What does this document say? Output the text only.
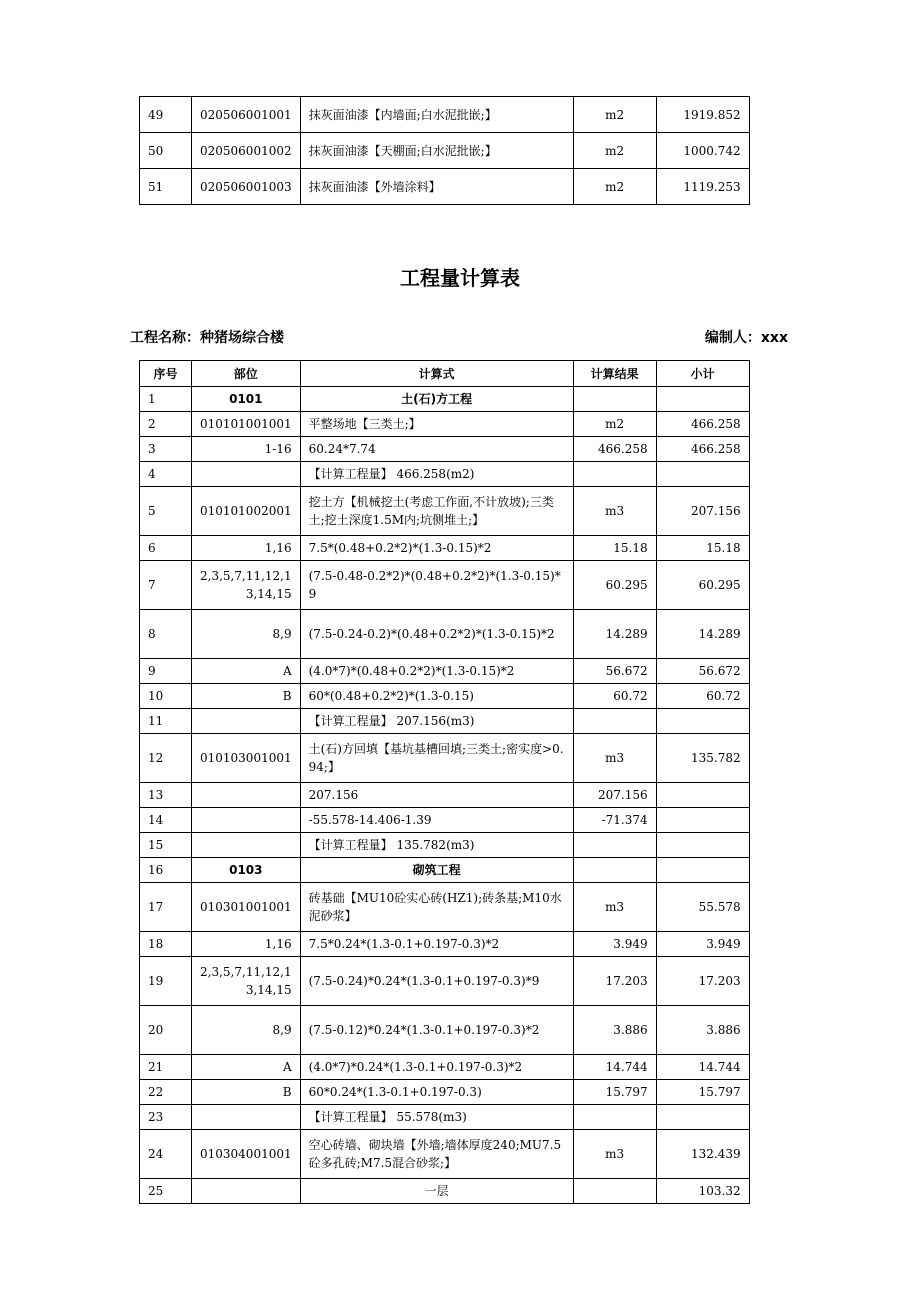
49	020506001001	抹灰面油漆【内墙面;白水泥批嵌;】	m2	1919.852
50	020506001002	抹灰面油漆【天棚面;白水泥批嵌;】	m2	1000.742
51	020506001003	抹灰面油漆【外墙涂料】	m2	1119.253
工程量计算表
工程名称：种猪场综合楼	编制人：xxx
序号	部位	计算式	计算结果	小计
1	0101	土(石)方工程		
2	010101001001	平整场地【三类土;】	m2	466.258
3	1-16	60.24*7.74	466.258	466.258
4		【计算工程量】 466.258(m2)		
5	010101002001	挖土方【机械挖土(考虑工作面,不计放坡);三类土;挖土深度1.5M内;坑侧堆土;】	m3	207.156
6	1,16	7.5*(0.48+0.2*2)*(1.3-0.15)*2	15.18	15.18
7	2,3,5,7,11,12,13,14,15	(7.5-0.48-0.2*2)*(0.48+0.2*2)*(1.3-0.15)*9	60.295	60.295
8	8,9	(7.5-0.24-0.2)*(0.48+0.2*2)*(1.3-0.15)*2	14.289	14.289
9	A	(4.0*7)*(0.48+0.2*2)*(1.3-0.15)*2	56.672	56.672
10	B	60*(0.48+0.2*2)*(1.3-0.15)	60.72	60.72
11		【计算工程量】 207.156(m3)		
12	010103001001	土(石)方回填【基坑基槽回填;三类土;密实度>0.94;】	m3	135.782
13		207.156	207.156	
14		-55.578-14.406-1.39	-71.374	
15		【计算工程量】 135.782(m3)		
16	0103	砌筑工程		
17	010301001001	砖基础【MU10砼实心砖(HZ1);砖条基;M10水泥砂浆】	m3	55.578
18	1,16	7.5*0.24*(1.3-0.1+0.197-0.3)*2	3.949	3.949
19	2,3,5,7,11,12,13,14,15	(7.5-0.24)*0.24*(1.3-0.1+0.197-0.3)*9	17.203	17.203
20	8,9	(7.5-0.12)*0.24*(1.3-0.1+0.197-0.3)*2	3.886	3.886
21	A	(4.0*7)*0.24*(1.3-0.1+0.197-0.3)*2	14.744	14.744
22	B	60*0.24*(1.3-0.1+0.197-0.3)	15.797	15.797
23		【计算工程量】 55.578(m3)		
24	010304001001	空心砖墙、砌块墙【外墙;墙体厚度240;MU7.5砼多孔砖;M7.5混合砂浆;】	m3	132.439
25		一层		103.32
